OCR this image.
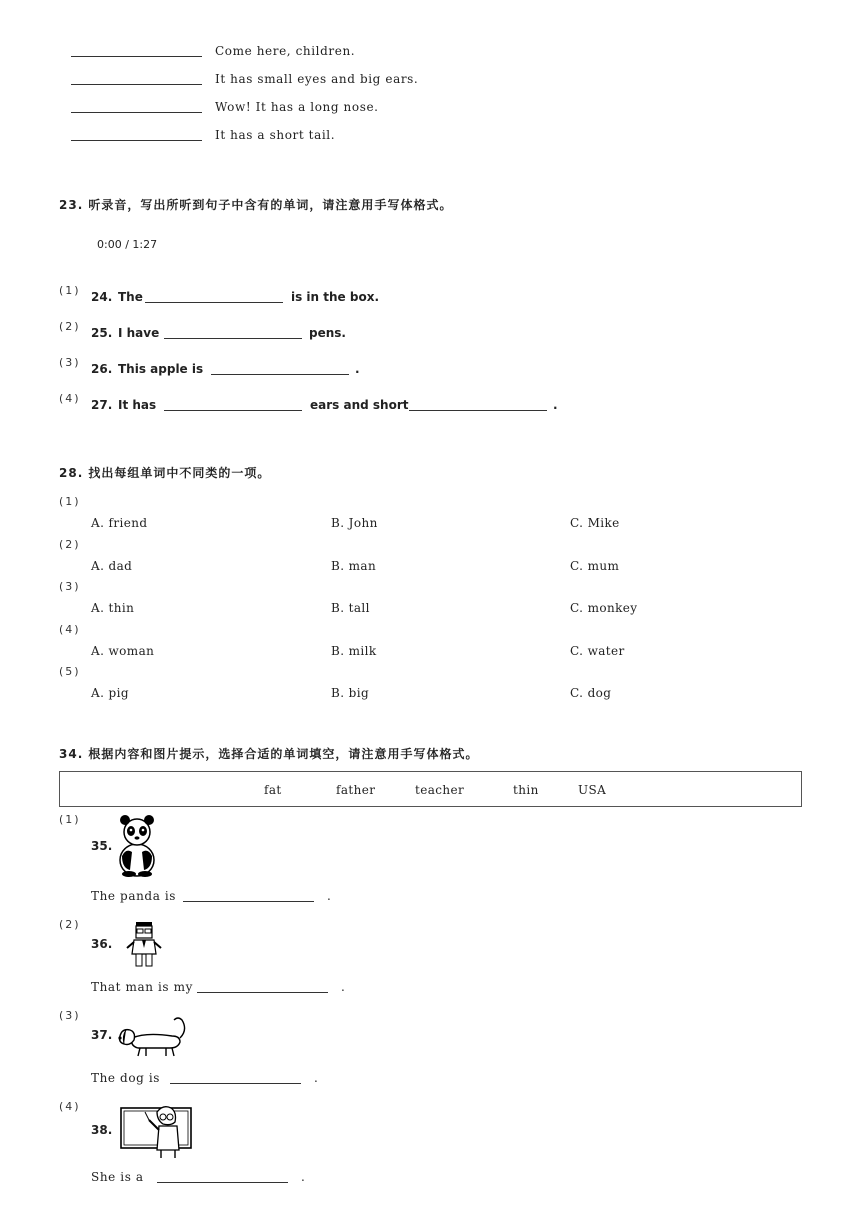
Come here, children.
It has small eyes and big ears.
Wow! It has a long nose.
It has a short tail.
23. 听录音，写出所听到句子中含有的单词，请注意用手写体格式。
0:00 / 1:27
(1) 24. The	is in the box.
(2) 25. I have	pens.
(3) 26. This apple is	.
(4) 27. It has	ears and short	.
28. 找出每组单词中不同类的一项。
(1)
A. friend	B. John	C. Mike
(2)
A. dad	B. man	C. mum
(3)
A. thin	B. tall	C. monkey
(4)
A. woman	B. milk	C. water
(5)
A. pig	B. big	C. dog
34. 根据内容和图片提示，选择合适的单词填空，请注意用手写体格式。
fat	father	teacher	thin	USA
(1)
35.
The panda is	.
(2)
36.
That man is my	.
(3)
37.
The dog is	.
(4)
38.
She is a	.
